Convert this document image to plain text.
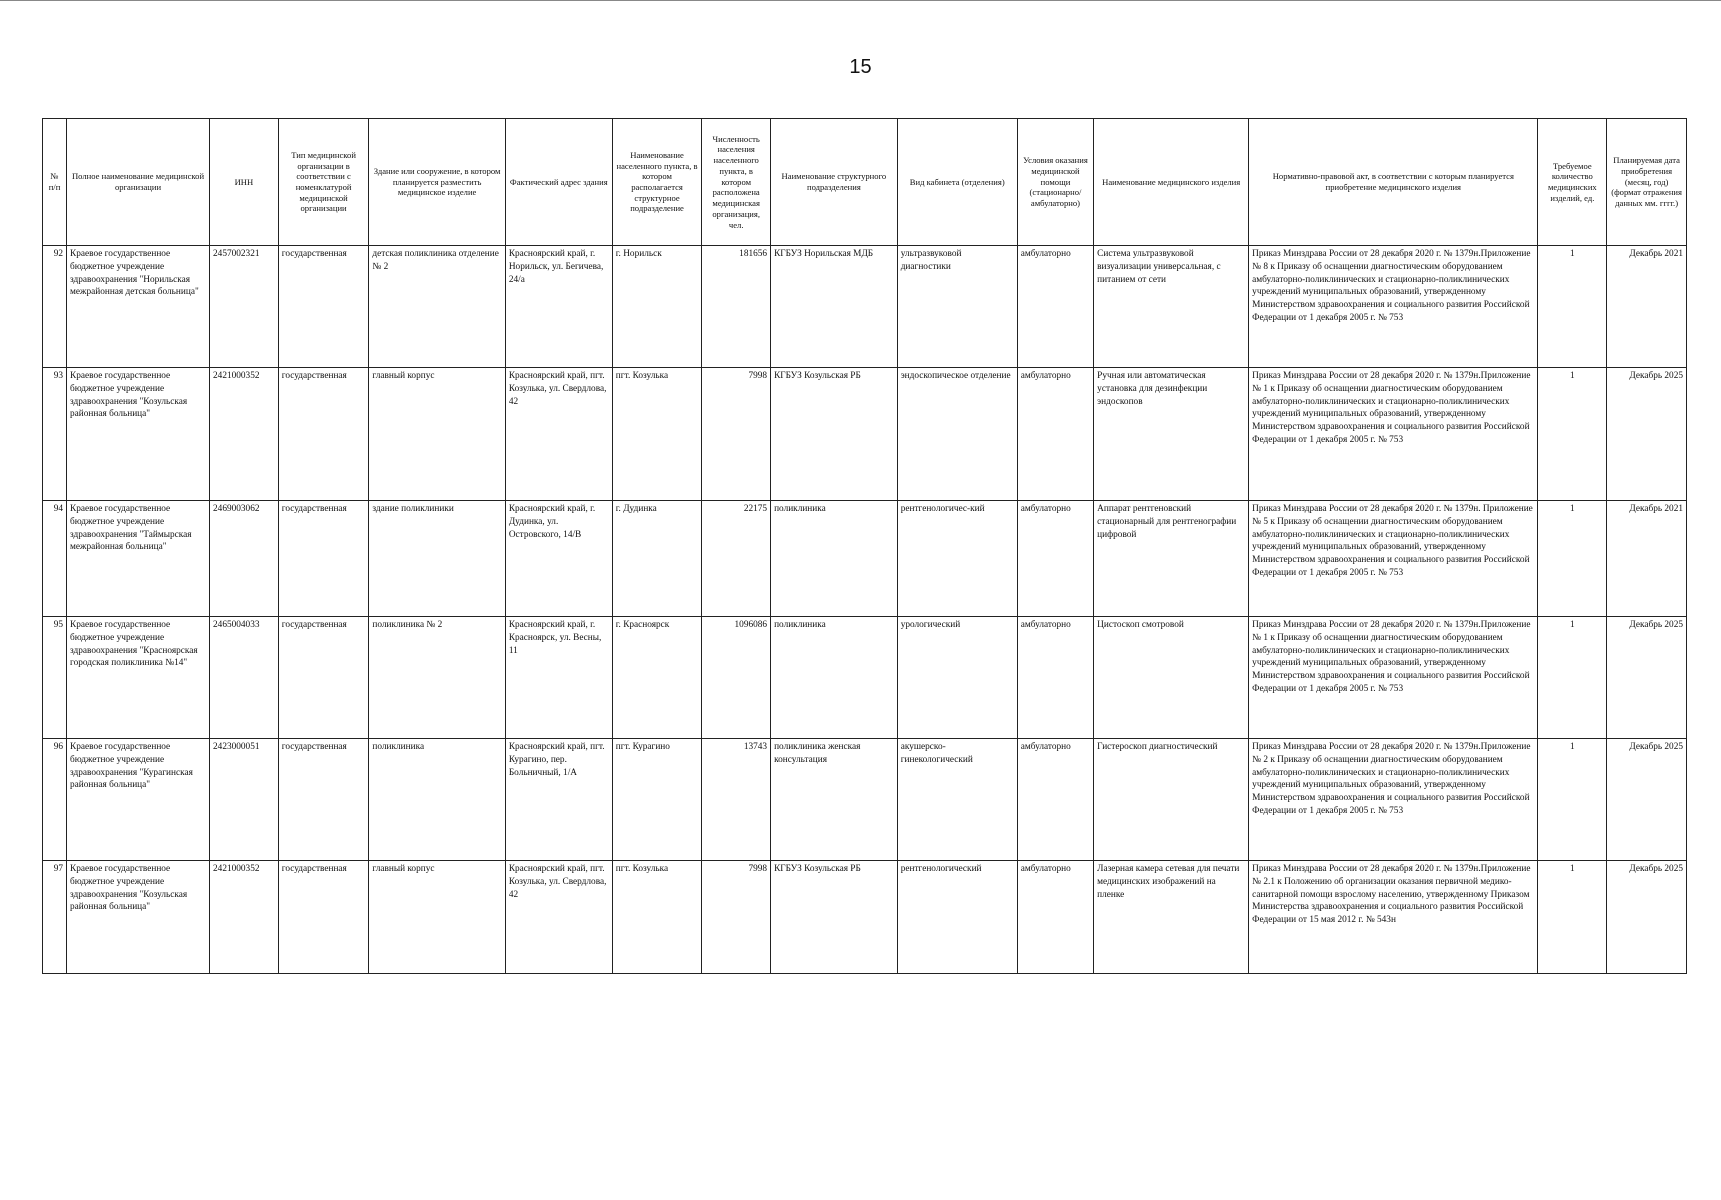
15
№ п/п	Полное наименование медицинской организации	ИНН	Тип медицинской организации в соответствии с номенклатурой медицинской организации	Здание или сооружение, в котором планируется разместить медицинское изделие	Фактический адрес здания	Наименование населенного пункта, в котором располагается структурное подразделение	Численность населения населенного пункта, в котором расположена медицинская организация, чел.	Наименование структурного подразделения	Вид кабинета (отделения)	Условия оказания медицинской помощи (стационарно/ амбулаторно)	Наименование медицинского изделия	Нормативно-правовой акт, в соответствии с которым планируется приобретение медицинского изделия	Требуемое количество медицинских изделий, ед.	Планируемая дата приобретения (месяц, год) (формат отражения данных мм. гггг.)
92	Краевое государственное бюджетное учреждение здравоохранения "Норильская межрайонная детская больница"	2457002321	государственная	детская поликлиника отделение № 2	Красноярский край, г. Норильск, ул. Бегичева, 24/а	г. Норильск	181656	КГБУЗ Норильская МДБ	ультразвуковой диагностики	амбулаторно	Система ультразвуковой визуализации универсальная, с питанием от сети	Приказ Минздрава России от 28 декабря 2020 г. № 1379н.Приложение № 8 к Приказу об оснащении диагностическим оборудованием амбулаторно-поликлинических и стационарно-поликлинических учреждений муниципальных образований, утвержденному Министерством здравоохранения и социального развития Российской Федерации от 1 декабря 2005 г. № 753	1	Декабрь 2021
93	Краевое государственное бюджетное учреждение здравоохранения "Козульская районная больница"	2421000352	государственная	главный корпус	Красноярский край, пгт. Козулька, ул. Свердлова, 42	пгт. Козулька	7998	КГБУЗ Козульская РБ	эндоскопическое отделение	амбулаторно	Ручная или автоматическая установка для дезинфекции эндоскопов	Приказ Минздрава России от 28 декабря 2020 г. № 1379н.Приложение № 1 к Приказу об оснащении диагностическим оборудованием амбулаторно-поликлинических и стационарно-поликлинических учреждений муниципальных образований, утвержденному Министерством здравоохранения и социального развития Российской Федерации от 1 декабря 2005 г. № 753	1	Декабрь 2025
94	Краевое государственное бюджетное учреждение здравоохранения "Таймырская межрайонная больница"	2469003062	государственная	здание поликлиники	Красноярский край, г. Дудинка, ул. Островского, 14/В	г. Дудинка	22175	поликлиника	рентгенологичес-кий	амбулаторно	Аппарат рентгеновский стационарный для рентгенографии цифровой	Приказ Минздрава России от 28 декабря 2020 г. № 1379н. Приложение № 5 к Приказу об оснащении диагностическим оборудованием амбулаторно-поликлинических и стационарно-поликлинических учреждений муниципальных образований, утвержденному Министерством здравоохранения и социального развития Российской Федерации от 1 декабря 2005 г. № 753	1	Декабрь 2021
95	Краевое государственное бюджетное учреждение здравоохранения "Красноярская городская поликлиника №14"	2465004033	государственная	поликлиника № 2	Красноярский край, г. Красноярск, ул. Весны, 11	г. Красноярск	1096086	поликлиника	урологический	амбулаторно	Цистоскоп смотровой	Приказ Минздрава России от 28 декабря 2020 г. № 1379н.Приложение № 1 к Приказу об оснащении диагностическим оборудованием амбулаторно-поликлинических и стационарно-поликлинических учреждений муниципальных образований, утвержденному Министерством здравоохранения и социального развития Российской Федерации от 1 декабря 2005 г. № 753	1	Декабрь 2025
96	Краевое государственное бюджетное учреждение здравоохранения "Курагинская районная больница"	2423000051	государственная	поликлиника	Красноярский край, пгт. Курагино, пер. Больничный, 1/А	пгт. Курагино	13743	поликлиника женская консультация	акушерско-гинекологический	амбулаторно	Гистероскоп диагностический	Приказ Минздрава России от 28 декабря 2020 г. № 1379н.Приложение № 2 к Приказу об оснащении диагностическим оборудованием амбулаторно-поликлинических и стационарно-поликлинических учреждений муниципальных образований, утвержденному Министерством здравоохранения и социального развития Российской Федерации от 1 декабря 2005 г. № 753	1	Декабрь 2025
97	Краевое государственное бюджетное учреждение здравоохранения "Козульская районная больница"	2421000352	государственная	главный корпус	Красноярский край, пгт. Козулька, ул. Свердлова, 42	пгт. Козулька	7998	КГБУЗ Козульская РБ	рентгенологический	амбулаторно	Лазерная камера сетевая для печати медицинских изображений на пленке	Приказ Минздрава России от 28 декабря 2020 г. № 1379н.Приложение № 2.1 к Положению об организации оказания первичной медико-санитарной помощи взрослому населению, утвержденному Приказом Министерства здравоохранения и социального развития Российской Федерации от 15 мая 2012 г. № 543н	1	Декабрь 2025
